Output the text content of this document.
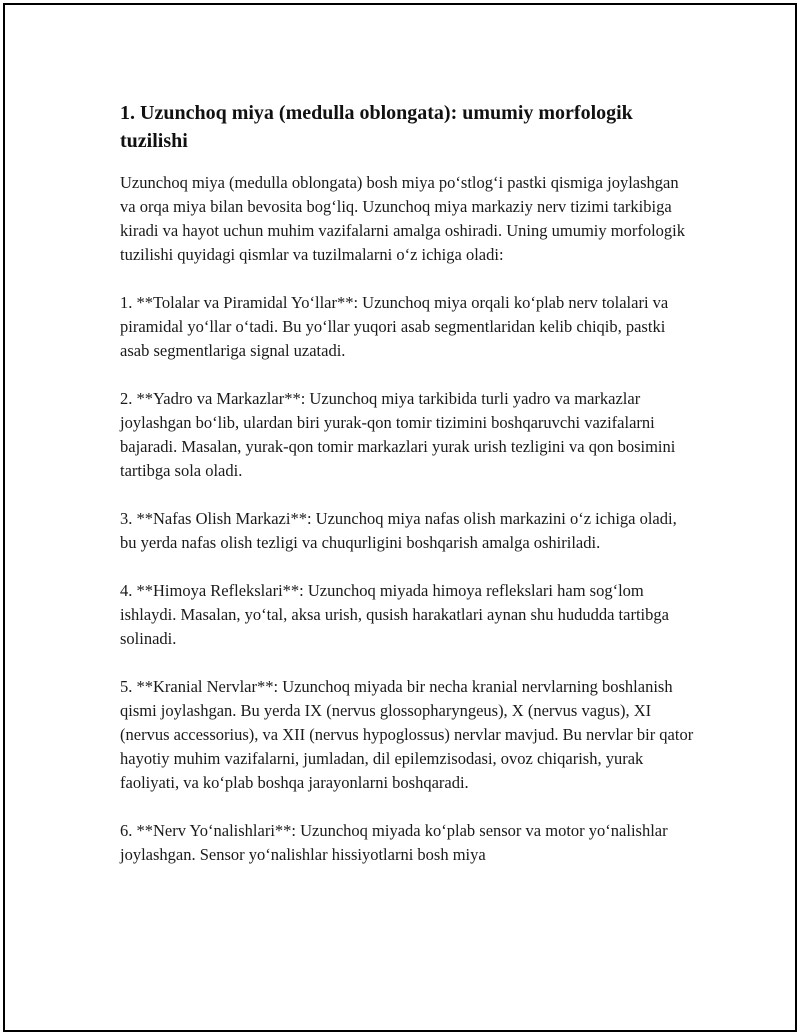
1. Uzunchoq miya (medulla oblongata): umumiy morfologik tuzilishi

Uzunchoq miya (medulla oblongata) bosh miya po‘stlog‘i pastki qismiga joylashgan va orqa miya bilan bevosita bog‘liq. Uzunchoq miya markaziy nerv tizimi tarkibiga kiradi va hayot uchun muhim vazifalarni amalga oshiradi. Uning umumiy morfologik tuzilishi quyidagi qismlar va tuzilmalarni o‘z ichiga oladi:

1. **Tolalar va Piramidal Yo‘llar**: Uzunchoq miya orqali ko‘plab nerv tolalari va piramidal yo‘llar o‘tadi. Bu yo‘llar yuqori asab segmentlaridan kelib chiqib, pastki asab segmentlariga signal uzatadi.

2. **Yadro va Markazlar**: Uzunchoq miya tarkibida turli yadro va markazlar joylashgan bo‘lib, ulardan biri yurak-qon tomir tizimini boshqaruvchi vazifalarni bajaradi. Masalan, yurak-qon tomir markazlari yurak urish tezligini va qon bosimini tartibga sola oladi.

3. **Nafas Olish Markazi**: Uzunchoq miya nafas olish markazini o‘z ichiga oladi, bu yerda nafas olish tezligi va chuqurligini boshqarish amalga oshiriladi.

4. **Himoya Reflekslari**: Uzunchoq miyada himoya reflekslari ham sog‘lom ishlaydi. Masalan, yo‘tal, aksa urish, qusish harakatlari aynan shu hududda tartibga solinadi.

5. **Kranial Nervlar**: Uzunchoq miyada bir necha kranial nervlarning boshlanish qismi joylashgan. Bu yerda IX (nervus glossopharyngeus), X (nervus vagus), XI (nervus accessorius), va XII (nervus hypoglossus) nervlar mavjud. Bu nervlar bir qator hayotiy muhim vazifalarni, jumladan, dil epilemzisodasi, ovoz chiqarish, yurak faoliyati, va ko‘plab boshqa jarayonlarni boshqaradi.

6. **Nerv Yo‘nalishlari**: Uzunchoq miyada ko‘plab sensor va motor yo‘nalishlar joylashgan. Sensor yo‘nalishlar hissiyotlarni bosh miya
